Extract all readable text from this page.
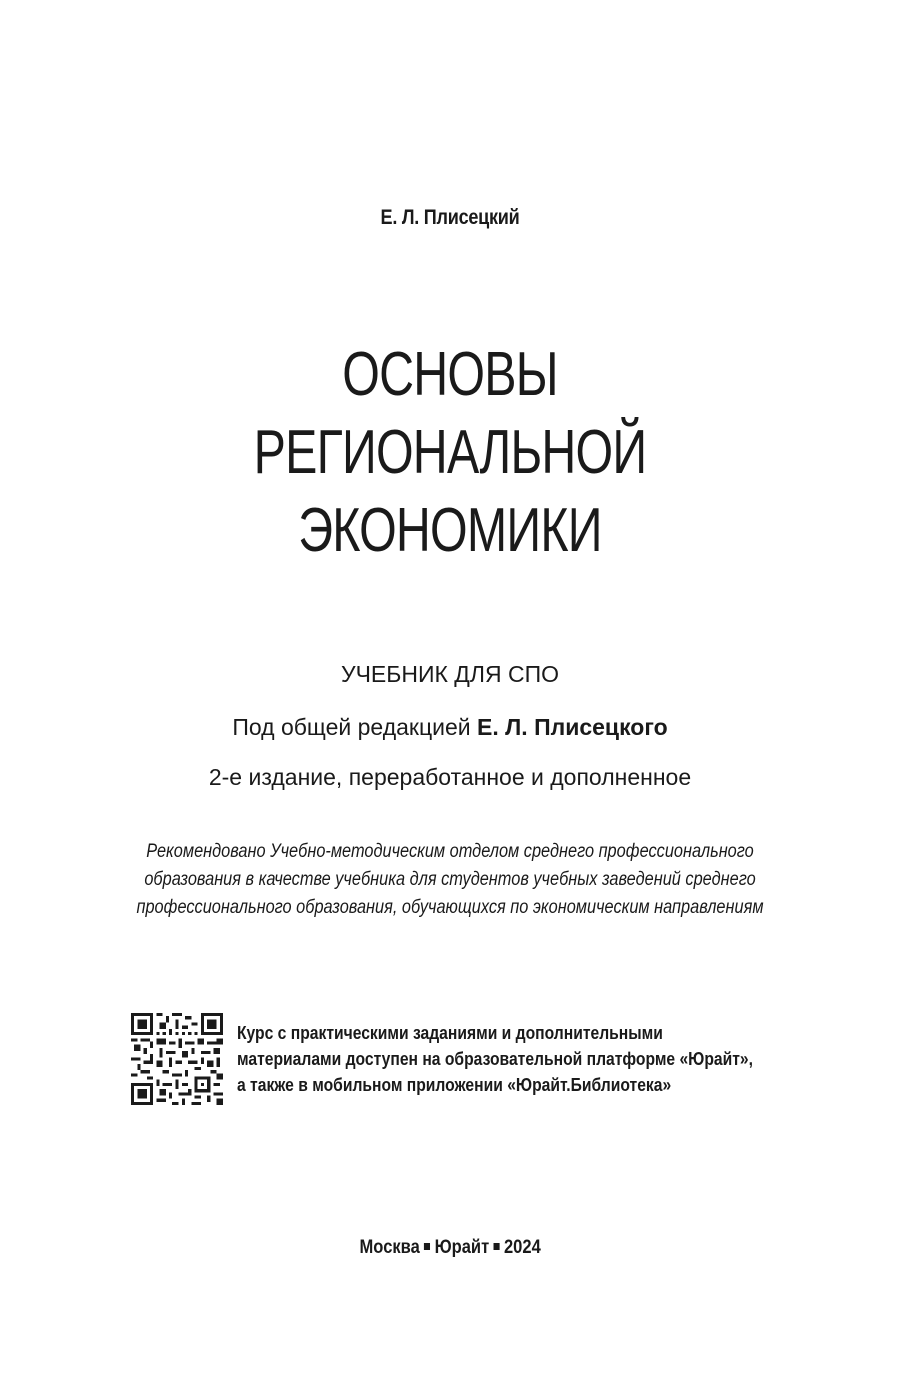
Е. Л. Плисецкий
ОСНОВЫ
РЕГИОНАЛЬНОЙ
ЭКОНОМИКИ
УЧЕБНИК ДЛЯ СПО
Под общей редакцией Е. Л. Плисецкого
2-е издание, переработанное и дополненное
Рекомендовано Учебно-методическим отделом среднего профессионального
образования в качестве учебника для студентов учебных заведений среднего
профессионального образования, обучающихся по экономическим направлениям
Курс с практическими заданиями и дополнительными
материалами доступен на образовательной платформе «Юрайт»,
а также в мобильном приложении «Юрайт.Библиотека»
Москва Юрайт 2024
